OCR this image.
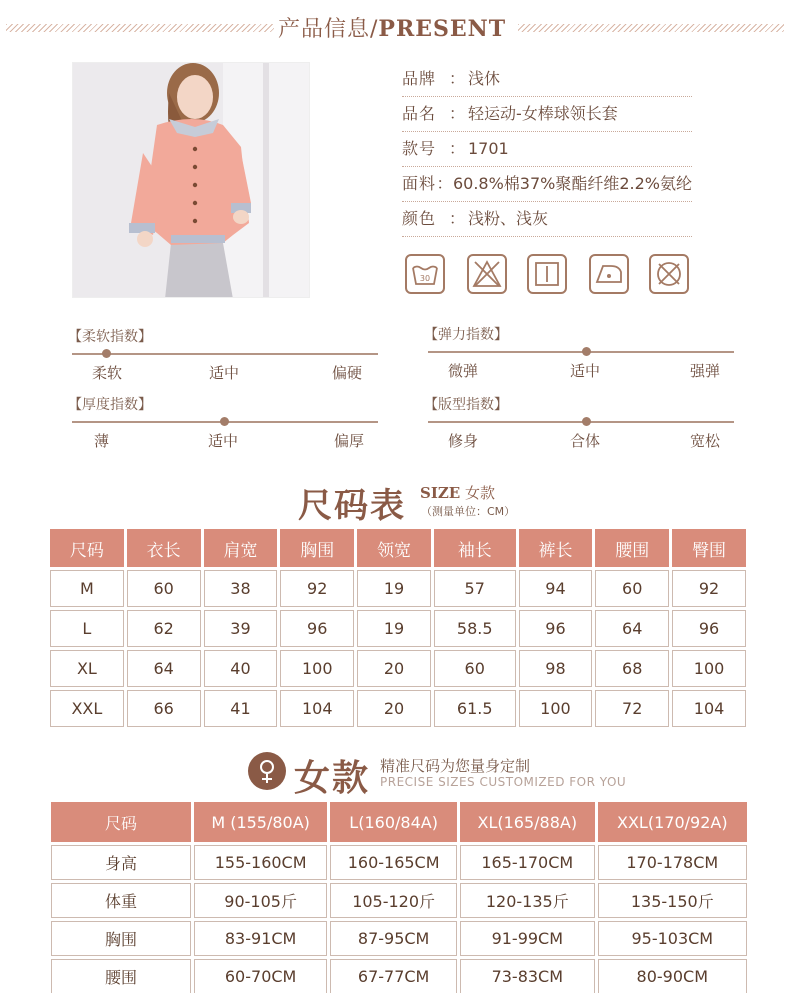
产品信息/PRESENT
品牌 ： 浅休
品名 ： 轻运动-女棒球领长套
款号 ： 1701
面料 ： 60.8%棉37%聚酯纤维2.2%氨纶
颜色 ： 浅粉、浅灰
30
【柔软指数】
柔软	适中	偏硬
【弹力指数】
微弹	适中	强弹
【厚度指数】
薄	适中	偏厚
【版型指数】
修身	合体	宽松
尺码表 SIZE 女款
（测量单位：CM）
尺码	衣长	肩宽	胸围	领宽	袖长	裤长	腰围	臀围
M	60	38	92	19	57	94	60	92
L	62	39	96	19	58.5	96	64	96
XL	64	40	100	20	60	98	68	100
XXL	66	41	104	20	61.5	100	72	104
女款 精准尺码为您量身定制
PRECISE SIZES CUSTOMIZED FOR YOU
尺码	M (155/80A)	L(160/84A)	XL(165/88A)	XXL(170/92A)
身高	155-160CM	160-165CM	165-170CM	170-178CM
体重	90-105斤	105-120斤	120-135斤	135-150斤
胸围	83-91CM	87-95CM	91-99CM	95-103CM
腰围	60-70CM	67-77CM	73-83CM	80-90CM
